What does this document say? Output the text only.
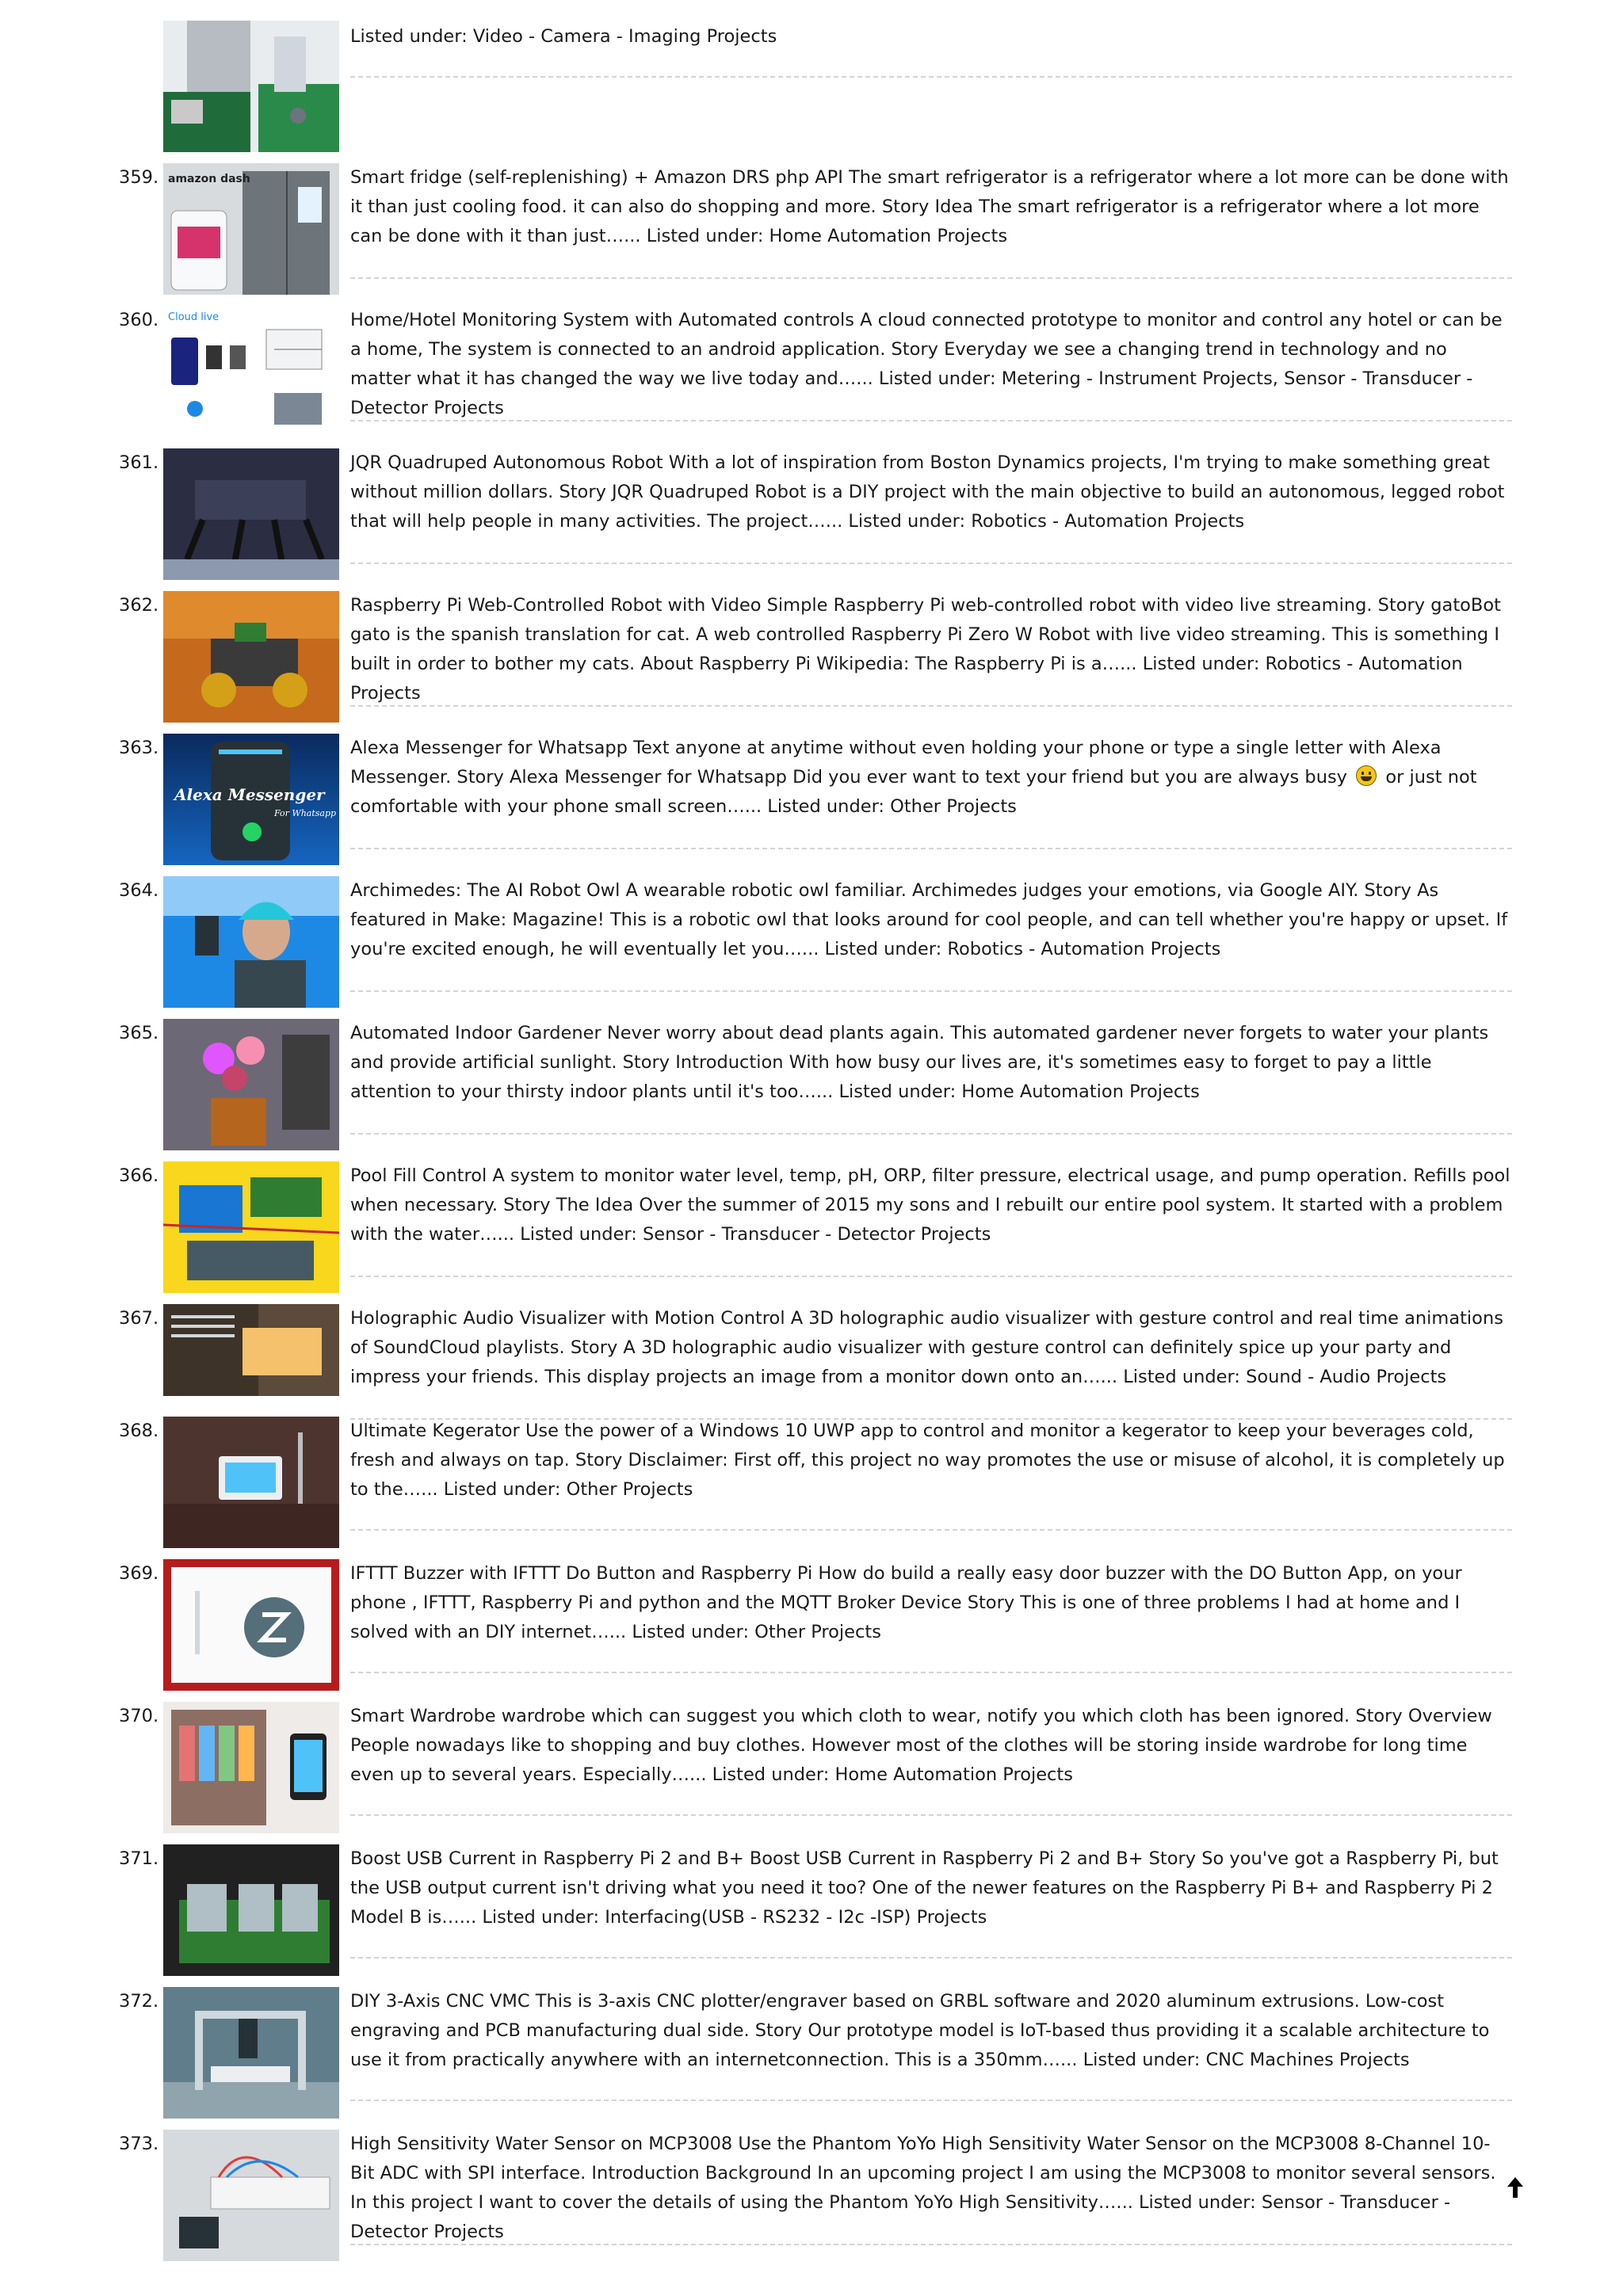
Listed under: Video - Camera - Imaging Projects
359. amazon dash	Smart fridge (self-replenishing) + Amazon DRS php API The smart refrigerator is a refrigerator where a lot more can be done with it than just cooling food. it can also do shopping and more. Story Idea The smart refrigerator is a refrigerator where a lot more can be done with it than just…... Listed under: Home Automation Projects
360. Cloud live	Home/Hotel Monitoring System with Automated controls A cloud connected prototype to monitor and control any hotel or can be a home, The system is connected to an android application. Story Everyday we see a changing trend in technology and no matter what it has changed the way we live today and…... Listed under: Metering - Instrument Projects, Sensor - Transducer - Detector Projects
361.	JQR Quadruped Autonomous Robot With a lot of inspiration from Boston Dynamics projects, I'm trying to make something great without million dollars. Story JQR Quadruped Robot is a DIY project with the main objective to build an autonomous, legged robot that will help people in many activities. The project…... Listed under: Robotics - Automation Projects
362.	Raspberry Pi Web-Controlled Robot with Video Simple Raspberry Pi web-controlled robot with video live streaming. Story gatoBot gato is the spanish translation for cat. A web controlled Raspberry Pi Zero W Robot with live video streaming. This is something I built in order to bother my cats. About Raspberry Pi Wikipedia: The Raspberry Pi is a…... Listed under: Robotics - Automation Projects
363.
Alexa Messenger
For Whatsapp
Alexa Messenger for Whatsapp Text anyone at anytime without even holding your phone or type a single letter with Alexa Messenger. Story Alexa Messenger for Whatsapp Did you ever want to text your friend but you are always busy or just not comfortable with your phone small screen…... Listed under: Other Projects
364.	Archimedes: The AI Robot Owl A wearable robotic owl familiar. Archimedes judges your emotions, via Google AIY. Story As featured in Make: Magazine! This is a robotic owl that looks around for cool people, and can tell whether you're happy or upset. If you're excited enough, he will eventually let you…... Listed under: Robotics - Automation Projects
365.	Automated Indoor Gardener Never worry about dead plants again. This automated gardener never forgets to water your plants and provide artificial sunlight. Story Introduction With how busy our lives are, it's sometimes easy to forget to pay a little attention to your thirsty indoor plants until it's too…... Listed under: Home Automation Projects
366.	Pool Fill Control A system to monitor water level, temp, pH, ORP, filter pressure, electrical usage, and pump operation. Refills pool when necessary. Story The Idea Over the summer of 2015 my sons and I rebuilt our entire pool system. It started with a problem with the water…... Listed under: Sensor - Transducer - Detector Projects
367.	Holographic Audio Visualizer with Motion Control A 3D holographic audio visualizer with gesture control and real time animations of SoundCloud playlists. Story A 3D holographic audio visualizer with gesture control can definitely spice up your party and impress your friends. This display projects an image from a monitor down onto an…... Listed under: Sound - Audio Projects
368.	Ultimate Kegerator Use the power of a Windows 10 UWP app to control and monitor a kegerator to keep your beverages cold, fresh and always on tap. Story Disclaimer: First off, this project no way promotes the use or misuse of alcohol, it is completely up to the…... Listed under: Other Projects
369.	IFTTT Buzzer with IFTTT Do Button and Raspberry Pi How do build a really easy door buzzer with the DO Button App, on your phone , IFTTT, Raspberry Pi and python and the MQTT Broker Device Story This is one of three problems I had at home and I solved with an DIY internet…... Listed under: Other Projects
370.	Smart Wardrobe wardrobe which can suggest you which cloth to wear, notify you which cloth has been ignored. Story Overview People nowadays like to shopping and buy clothes. However most of the clothes will be storing inside wardrobe for long time even up to several years. Especially…... Listed under: Home Automation Projects
371.	Boost USB Current in Raspberry Pi 2 and B+ Boost USB Current in Raspberry Pi 2 and B+ Story So you've got a Raspberry Pi, but the USB output current isn't driving what you need it too? One of the newer features on the Raspberry Pi B+ and Raspberry Pi 2 Model B is…... Listed under: Interfacing(USB - RS232 - I2c -ISP) Projects
372.	DIY 3-Axis CNC VMC This is 3-axis CNC plotter/engraver based on GRBL software and 2020 aluminum extrusions. Low-cost engraving and PCB manufacturing dual side. Story Our prototype model is IoT-based thus providing it a scalable architecture to use it from practically anywhere with an internetconnection. This is a 350mm…... Listed under: CNC Machines Projects
373.	High Sensitivity Water Sensor on MCP3008 Use the Phantom YoYo High Sensitivity Water Sensor on the MCP3008 8-Channel 10-Bit ADC with SPI interface. Introduction Background In an upcoming project I am using the MCP3008 to monitor several sensors. In this project I want to cover the details of using the Phantom YoYo High Sensitivity…... Listed under: Sensor - Transducer - Detector Projects
